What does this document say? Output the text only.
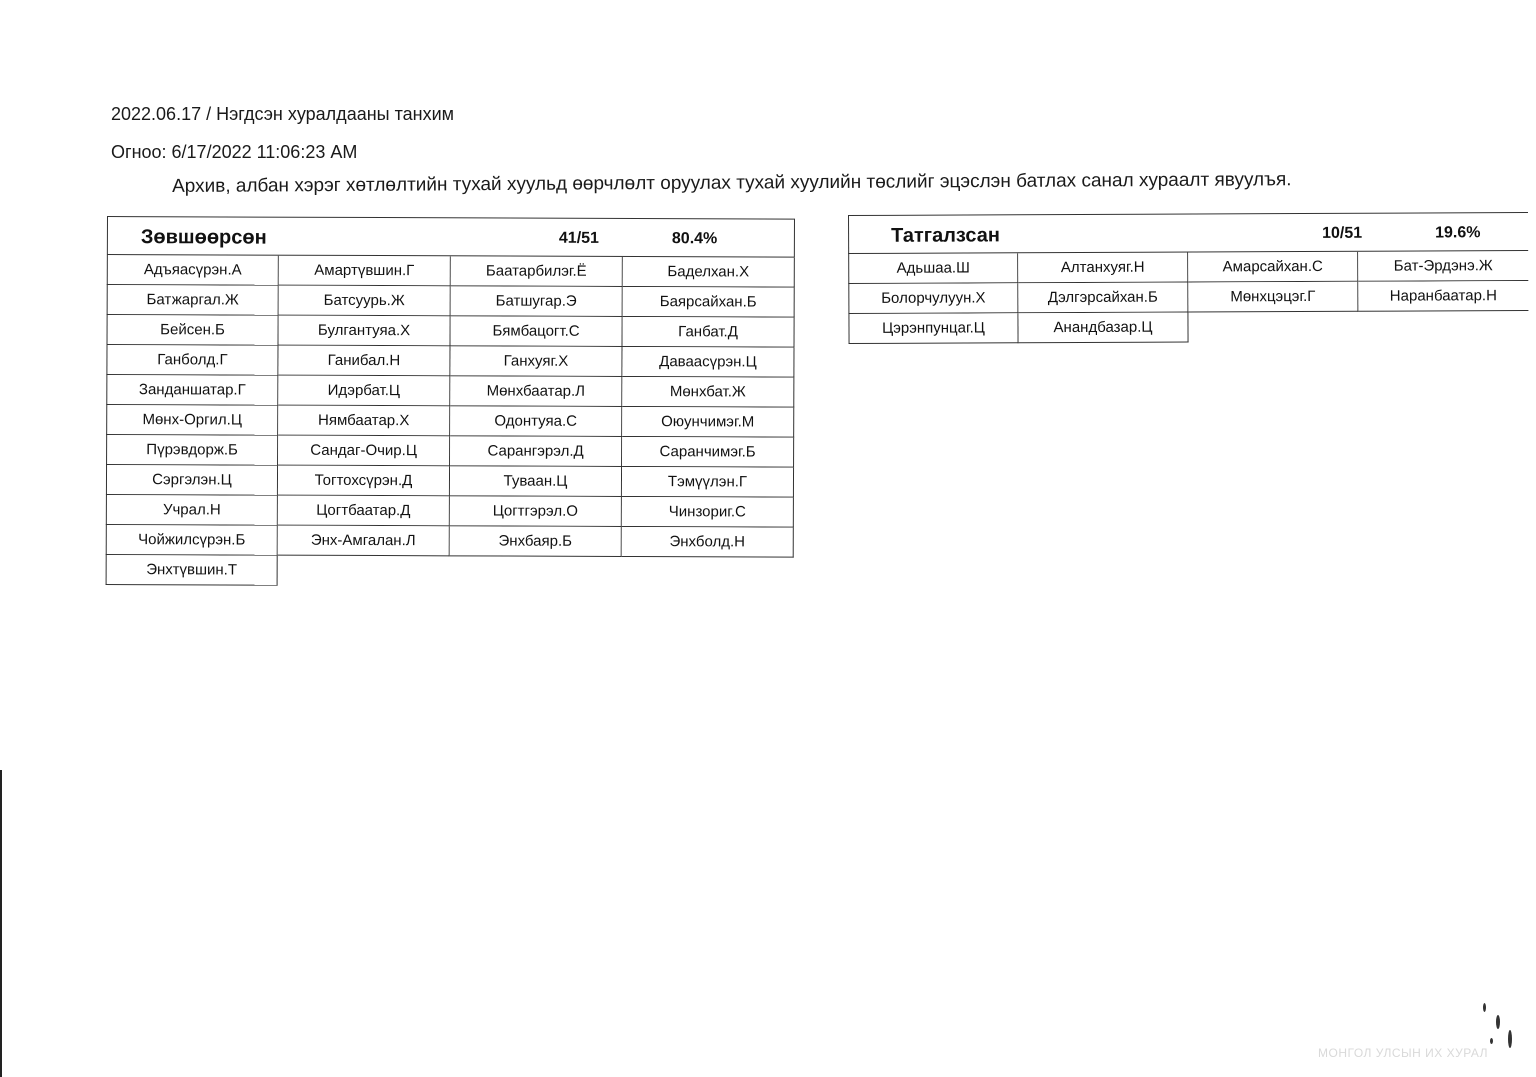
2022.06.17 / Нэгдсэн хуралдааны танхим
Огноо: 6/17/2022 11:06:23 AM
Архив, албан хэрэг хөтлөлтийн тухай хуульд өөрчлөлт оруулах тухай хуулийн төслийг эцэслэн батлах санал хураалт явуулъя.
Зөвшөөрсөн	41/51	80.4%
Адъяасүрэн.А	Амартүвшин.Г	Баатарбилэг.Ё	Баделхан.Х
Батжаргал.Ж	Батсуурь.Ж	Батшугар.Э	Баярсайхан.Б
Бейсен.Б	Булгантуяа.Х	Бямбацогт.С	Ганбат.Д
Ганболд.Г	Ганибал.Н	Ганхуяг.Х	Даваасүрэн.Ц
Занданшатар.Г	Идэрбат.Ц	Мөнхбаатар.Л	Мөнхбат.Ж
Мөнх-Оргил.Ц	Нямбаатар.Х	Одонтуяа.С	Оюунчимэг.М
Пүрэвдорж.Б	Сандаг-Очир.Ц	Сарангэрэл.Д	Саранчимэг.Б
Сэргэлэн.Ц	Тогтохсүрэн.Д	Туваан.Ц	Тэмүүлэн.Г
Учрал.Н	Цогтбаатар.Д	Цогтгэрэл.О	Чинзориг.С
Чойжилсүрэн.Б	Энх-Амгалан.Л	Энхбаяр.Б	Энхболд.Н
Энхтүвшин.Т
Татгалзсан	10/51	19.6%
Адьшаа.Ш	Алтанхуяг.Н	Амарсайхан.С	Бат-Эрдэнэ.Ж
Болорчулуун.Х	Дэлгэрсайхан.Б	Мөнхцэцэг.Г	Наранбаатар.Н
Цэрэнпунцаг.Ц	Анандбазар.Ц
МОНГОЛ УЛСЫН ИХ ХУРАЛ
